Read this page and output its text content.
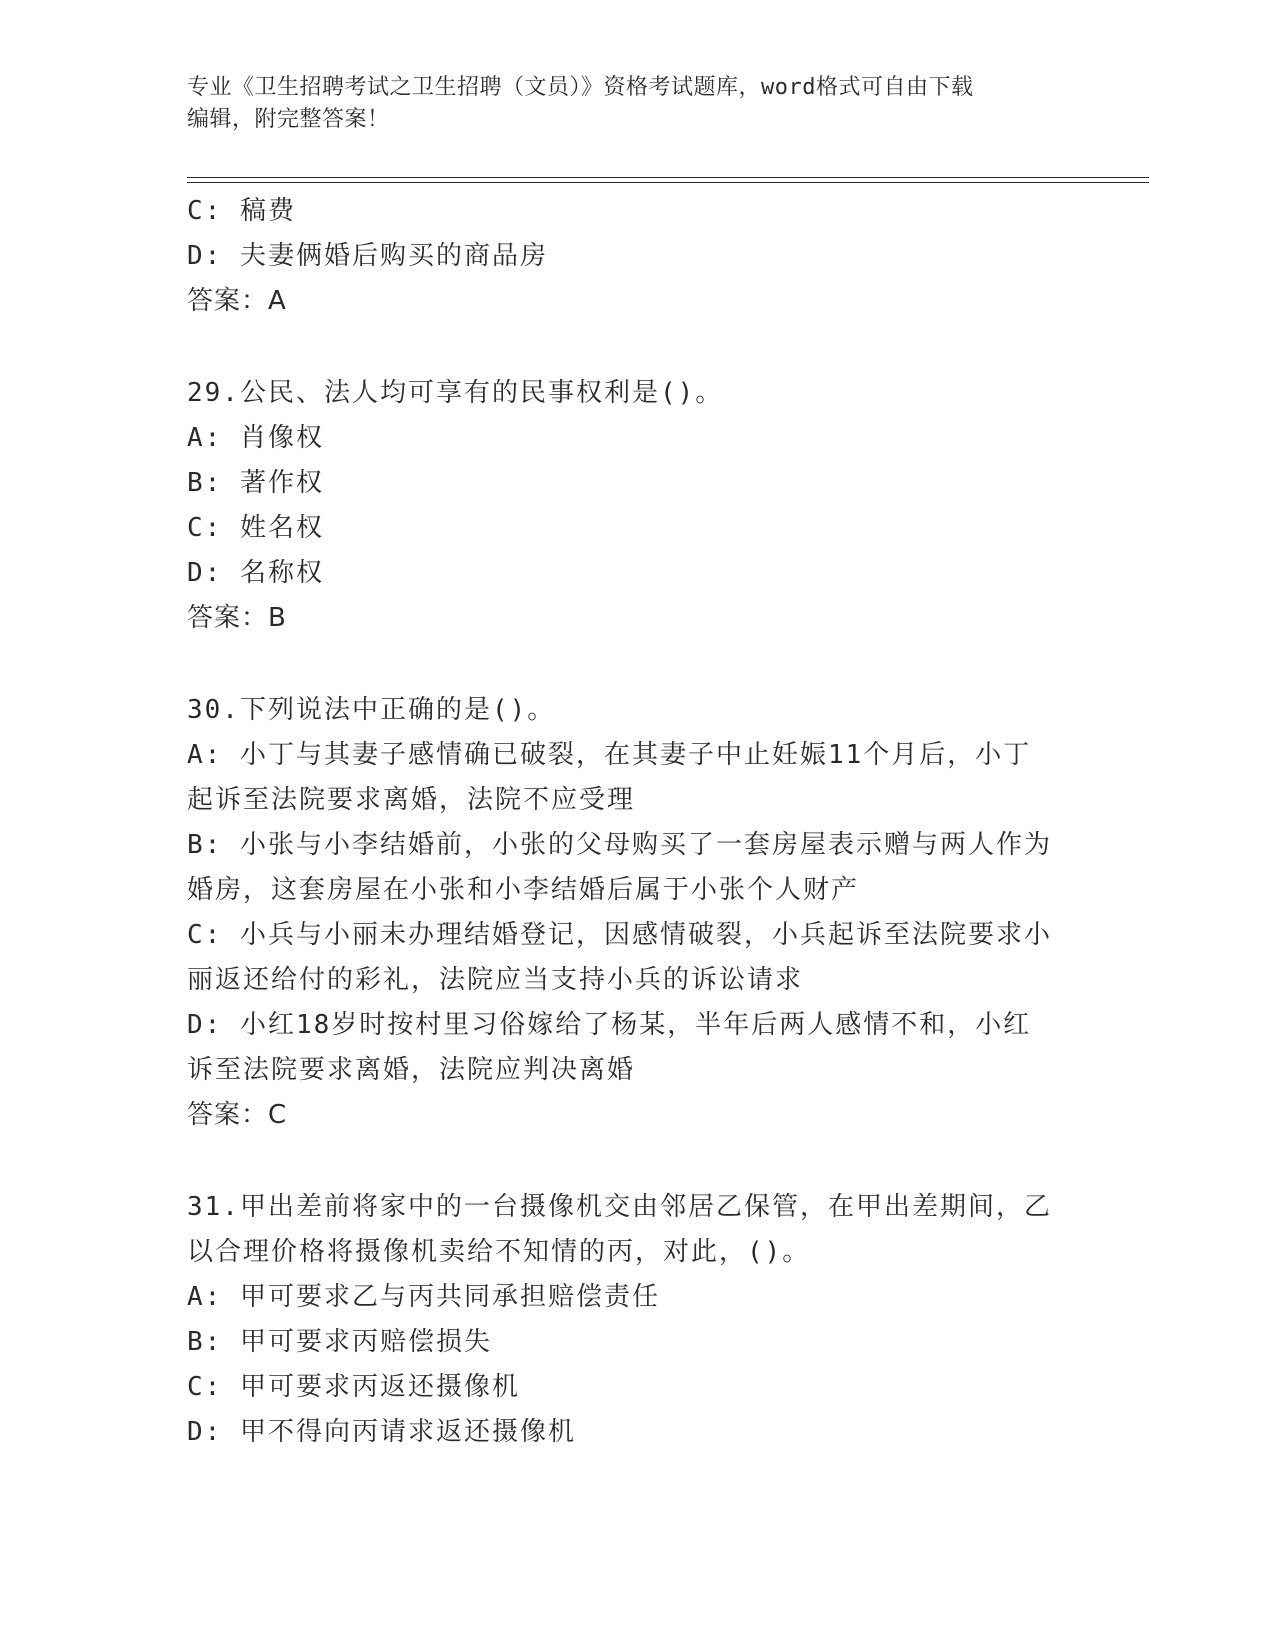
专业《卫生招聘考试之卫生招聘（文员）》资格考试题库，word格式可自由下载
编辑，附完整答案！
C: 稿费
D: 夫妻俩婚后购买的商品房
答案：A
29.公民、法人均可享有的民事权利是()。
A: 肖像权
B: 著作权
C: 姓名权
D: 名称权
答案：B
30.下列说法中正确的是()。
A: 小丁与其妻子感情确已破裂，在其妻子中止妊娠11个月后，小丁
起诉至法院要求离婚，法院不应受理
B: 小张与小李结婚前，小张的父母购买了一套房屋表示赠与两人作为
婚房，这套房屋在小张和小李结婚后属于小张个人财产
C: 小兵与小丽未办理结婚登记，因感情破裂，小兵起诉至法院要求小
丽返还给付的彩礼，法院应当支持小兵的诉讼请求
D: 小红18岁时按村里习俗嫁给了杨某，半年后两人感情不和，小红
诉至法院要求离婚，法院应判决离婚
答案：C
31.甲出差前将家中的一台摄像机交由邻居乙保管，在甲出差期间，乙
以合理价格将摄像机卖给不知情的丙，对此，()。
A: 甲可要求乙与丙共同承担赔偿责任
B: 甲可要求丙赔偿损失
C: 甲可要求丙返还摄像机
D: 甲不得向丙请求返还摄像机
